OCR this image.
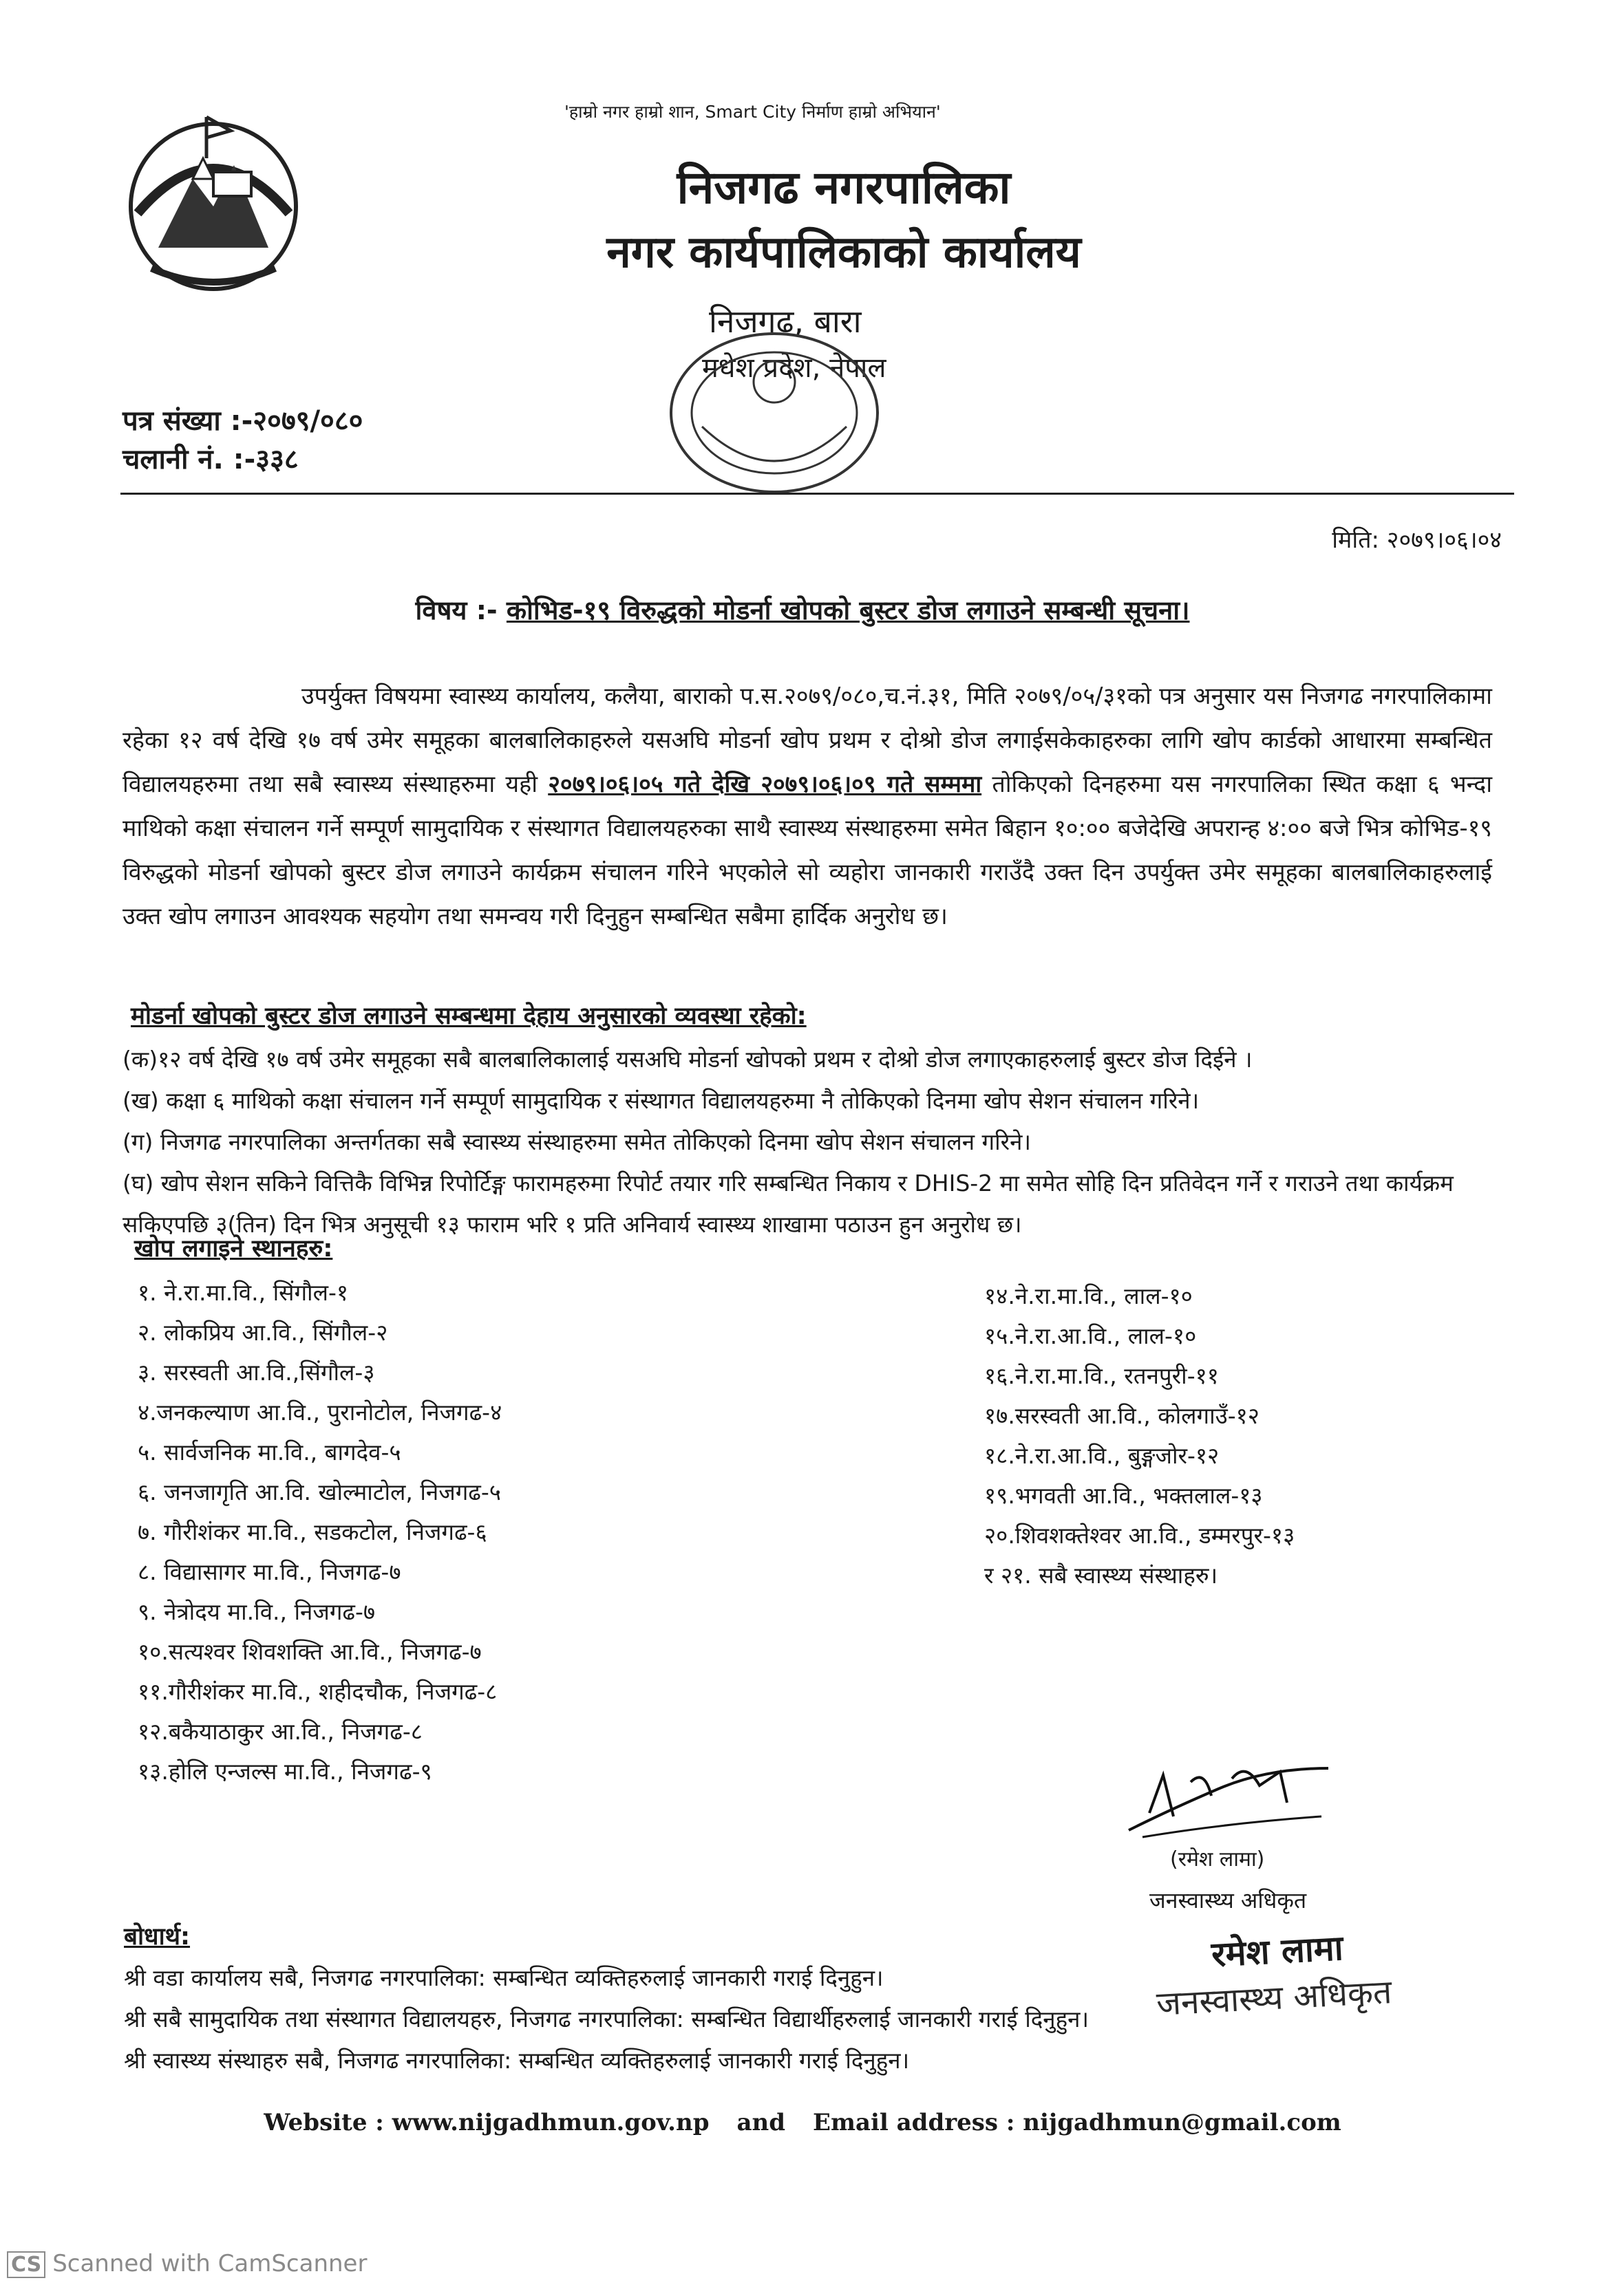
'हाम्रो नगर हाम्रो शान, Smart City निर्माण हाम्रो अभियान'
निजगढ नगरपालिका
नगर कार्यपालिकाको कार्यालय
निजगढ, बारा
मधेश प्रदेश, नेपाल
पत्र संख्या :-२०७९/०८०
चलानी नं. :-३३८
मिति: २०७९।०६।०४
विषय :- कोभिड-१९ विरुद्धको मोडर्ना खोपको बुस्टर डोज लगाउने सम्बन्धी सूचना।
उपर्युक्त विषयमा स्वास्थ्य कार्यालय, कलैया, बाराको प.स.२०७९/०८०,च.नं.३१, मिति २०७९/०५/३१को पत्र अनुसार यस निजगढ नगरपालिकामा रहेका १२ वर्ष देखि १७ वर्ष उमेर समूहका बालबालिकाहरुले यसअघि मोडर्ना खोप प्रथम र दोश्रो डोज लगाईसकेकाहरुका लागि खोप कार्डको आधारमा सम्बन्धित विद्यालयहरुमा तथा सबै स्वास्थ्य संस्थाहरुमा यही २०७९।०६।०५ गते देखि २०७९।०६।०९ गते सम्ममा तोकिएको दिनहरुमा यस नगरपालिका स्थित कक्षा ६ भन्दा माथिको कक्षा संचालन गर्ने सम्पूर्ण सामुदायिक र संस्थागत विद्यालयहरुका साथै स्वास्थ्य संस्थाहरुमा समेत बिहान १०:०० बजेदेखि अपरान्ह ४:०० बजे भित्र कोभिड-१९ विरुद्धको मोडर्ना खोपको बुस्टर डोज लगाउने कार्यक्रम संचालन गरिने भएकोले सो व्यहोरा जानकारी गराउँदै उक्त दिन उपर्युक्त उमेर समूहका बालबालिकाहरुलाई उक्त खोप लगाउन आवश्यक सहयोग तथा समन्वय गरी दिनुहुन सम्बन्धित सबैमा हार्दिक अनुरोध छ।
मोडर्ना खोपको बुस्टर डोज लगाउने सम्बन्धमा देहाय अनुसारको व्यवस्था रहेको:
(क)१२ वर्ष देखि १७ वर्ष उमेर समूहका सबै बालबालिकालाई यसअघि मोडर्ना खोपको प्रथम र दोश्रो डोज लगाएकाहरुलाई बुस्टर डोज दिईने ।
(ख) कक्षा ६ माथिको कक्षा संचालन गर्ने सम्पूर्ण सामुदायिक र संस्थागत विद्यालयहरुमा नै तोकिएको दिनमा खोप सेशन संचालन गरिने।
(ग) निजगढ नगरपालिका अन्तर्गतका सबै स्वास्थ्य संस्थाहरुमा समेत तोकिएको दिनमा खोप सेशन संचालन गरिने।
(घ) खोप सेशन सकिने वित्तिकै विभिन्न रिपोर्टिङ्ग फारामहरुमा रिपोर्ट तयार गरि सम्बन्धित निकाय र DHIS-2 मा समेत सोहि दिन प्रतिवेदन गर्ने र गराउने तथा कार्यक्रम सकिएपछि ३(तिन) दिन भित्र अनुसूची १३ फाराम भरि १ प्रति अनिवार्य स्वास्थ्य शाखामा पठाउन हुन अनुरोध छ।
खोप लगाइने स्थानहरु:
१. ने.रा.मा.वि., सिंगौल-१
२. लोकप्रिय आ.वि., सिंगौल-२
३. सरस्वती आ.वि.,सिंगौल-३
४.जनकल्याण आ.वि., पुरानोटोल, निजगढ-४
५. सार्वजनिक मा.वि., बागदेव-५
६. जनजागृति आ.वि. खोल्माटोल, निजगढ-५
७. गौरीशंकर मा.वि., सडकटोल, निजगढ-६
८. विद्यासागर मा.वि., निजगढ-७
९. नेत्रोदय मा.वि., निजगढ-७
१०.सत्यश्वर शिवशक्ति आ.वि., निजगढ-७
११.गौरीशंकर मा.वि., शहीदचौक, निजगढ-८
१२.बकैयाठाकुर आ.वि., निजगढ-८
१३.होलि एन्जल्स मा.वि., निजगढ-९
१४.ने.रा.मा.वि., लाल-१०
१५.ने.रा.आ.वि., लाल-१०
१६.ने.रा.मा.वि., रतनपुरी-११
१७.सरस्वती आ.वि., कोलगाउँ-१२
१८.ने.रा.आ.वि., बुङ्गजोर-१२
१९.भगवती आ.वि., भक्तलाल-१३
२०.शिवशक्तेश्वर आ.वि., डम्मरपुर-१३
र २१. सबै स्वास्थ्य संस्थाहरु।
(रमेश लामा)
जनस्वास्थ्य अधिकृत
रमेश लामा
जनस्वास्थ्य अधिकृत
बोधार्थ:
श्री वडा कार्यालय सबै, निजगढ नगरपालिका: सम्बन्धित व्यक्तिहरुलाई जानकारी गराई दिनुहुन।
श्री सबै सामुदायिक तथा संस्थागत विद्यालयहरु, निजगढ नगरपालिका: सम्बन्धित विद्यार्थीहरुलाई जानकारी गराई दिनुहुन।
श्री स्वास्थ्य संस्थाहरु सबै, निजगढ नगरपालिका: सम्बन्धित व्यक्तिहरुलाई जानकारी गराई दिनुहुन।
Website : www.nijgadhmun.gov.np and Email address : nijgadhmun@gmail.com
CS Scanned with CamScanner
